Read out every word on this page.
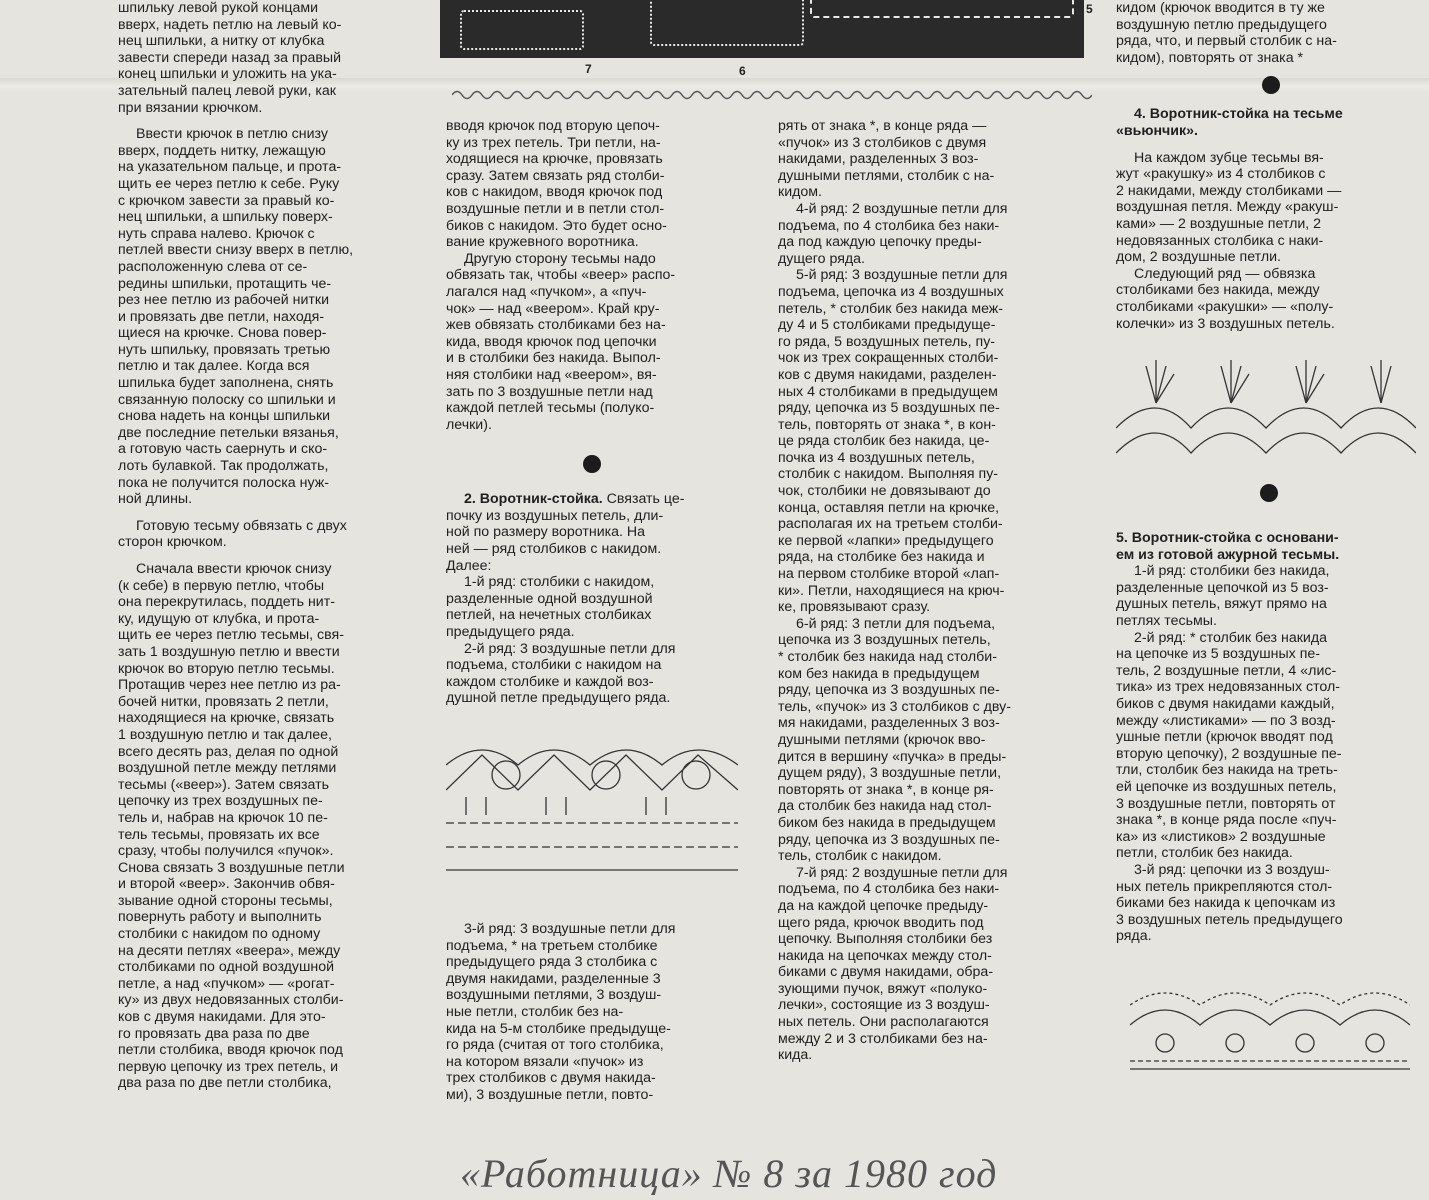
7	6
5

шпильку левой рукой концами
вверх, надеть петлю на левый ко-
нец шпильки, а нитку от клубка
завести спереди назад за правый
конец шпильки и уложить на ука-
зательный палец левой руки, как
при вязании крючком.

Ввести крючок в петлю снизу
вверх, поддеть нитку, лежащую
на указательном пальце, и протa-
щить ее через петлю к себе. Руку
с крючком завести за правый ко-
нец шпильки, а шпильку поверх-
нуть справа налево. Крючок с
петлей ввести снизу вверх в петлю,
расположенную слева от се-
редины шпильки, протащить че-
рез нее петлю из рабочей нитки
и провязать две петли, находя-
щиеся на крючке. Снова повер-
нуть шпильку, провязать третью
петлю и так далее. Когда вся
шпилька будет заполнена, снять
связанную полоску со шпильки и
снова надеть на концы шпильки
две последние петельки вязанья,
а готовую часть сaернуть и ско-
лоть булавкой. Так продолжать,
пока не получится полоска нуж-
ной длины.

Готовую тесьму обвязать с двух
сторон крючком.

Сначала ввести крючок снизу
(к себе) в первую петлю, чтобы
она перекрутилась, поддеть нит-
ку, идущую от клубка, и протa-
щить ее через петлю тесьмы, свя-
зать 1 воздушную петлю и ввести
крючок во вторую петлю тесьмы.
Протащив через нее петлю из ра-
бочей нитки, провязать 2 петли,
находящиеся на крючке, связать
1 воздушную петлю и так далее,
всего десять раз, делая по одной
воздушной петле между петлями
тесьмы («веер»). Затем связать
цепочку из трех воздушных пе-
тель и, набрав на крючок 10 пе-
тель тесьмы, провязать их все
сразу, чтобы получился «пучок».
Снова связать 3 воздушные петли
и второй «веер». Закончив обвя-
зывание одной стороны тесьмы,
повернуть работу и выполнить
столбики с накидом по одному
на десяти петлях «веера», между
столбиками по одной воздушной
петле, а над «пучком» — «рогат-
ку» из двух недовязанных столби-
ков с двумя накидами. Для это-
го провязать два раза по две
петли столбика, вводя крючок под
первую цепочку из трех петель, и
два раза по две петли столбика,

вводя крючок под вторую цепоч-
ку из трех петель. Три петли, на-
ходящиеся на крючке, провязать
сразу. Затем связать ряд столби-
ков с накидом, вводя крючок под
воздушные петли и в петли стол-
биков с накидом. Это будет осно-
вание кружевного воротника.

Другую сторону тесьмы надо
обвязать так, чтобы «веер» распо-
лагался над «пучком», а «пуч-
чок» — над «веером». Край кру-
жев обвязать столбиками без на-
кида, вводя крючок под цепочки
и в столбики без накида. Выпол-
няя столбики над «веером», вя-
зать по 3 воздушные петли над
каждой петлей тесьмы (полуко-
лечки).

2. Воротник-стойка. Связать це-
почку из воздушных петель, дли-
ной по размеру воротника. На
ней — ряд столбиков с накидом.
Далее:

1-й ряд: столбики с накидом,
разделенные одной воздушной
петлей, на нечетных столбиках
предыдущего ряда.

2-й ряд: 3 воздушные петли для
подъема, столбики с накидом на
каждом столбике и каждой воз-
душной петле предыдущего ряда.

3-й ряд: 3 воздушные петли для
подъема, * на третьем столбике
предыдущего ряда 3 столбика с
двумя накидами, разделенные 3
воздушными петлями, 3 воздуш-
ные петли, столбик без на-
кида на 5-м столбике предыдуще-
го ряда (считая от того столбика,
на котором вязали «пучок» из
трех столбиков с двумя накида-
ми), 3 воздушные петли, повто-

рять от знака *, в конце ряда —
«пучок» из 3 столбиков с двумя
накидами, разделенных 3 воз-
душными петлями, столбик с на-
кидом.

4-й ряд: 2 воздушные петли для
подъема, по 4 столбика без наки-
да под каждую цепочку преды-
дущего ряда.

5-й ряд: 3 воздушные петли для
подъема, цепочка из 4 воздушных
петель, * столбик без накида меж-
ду 4 и 5 столбиками предыдуще-
го ряда, 5 воздушных петель, пу-
чок из трех сокращенных столби-
ков с двумя накидами, разделен-
ных 4 столбиками в предыдущем
ряду, цепочка из 5 воздушных пе-
тель, повторять от знака *, в кон-
це ряда столбик без накида, це-
почка из 4 воздушных петель,
столбик с накидом. Выполняя пу-
чок, столбики не довязывают до
конца, оставляя петли на крючке,
располагая их на третьем столби-
ке первой «лапки» предыдущего
ряда, на столбике без накида и
на первом столбике второй «лап-
ки». Петли, находящиеся на крюч-
ке, провязывают сразу.

6-й ряд: 3 петли для подъема,
цепочка из 3 воздушных петель,
* столбик без накида над столби-
ком без накида в предыдущем
ряду, цепочка из 3 воздушных пе-
тель, «пучок» из 3 столбиков с дву-
мя накидами, разделенных 3 воз-
душными петлями (крючок вво-
дится в вершину «пучка» в преды-
дущем ряду), 3 воздушные петли,
повторять от знака *, в конце ря-
да столбик без накида над стол-
биком без накида в предыдущем
ряду, цепочка из 3 воздушных пе-
тель, столбик с накидом.

7-й ряд: 2 воздушные петли для
подъема, по 4 столбика без наки-
да на каждой цепочке предыду-
щего ряда, крючок вводить под
цепочку. Выполняя столбики без
накида на цепочках между стол-
биками с двумя накидами, обра-
зующими пучок, вяжут «полуко-
лечки», состоящие из 3 воздуш-
ных петель. Они располагаются
между 2 и 3 столбиками без на-
кида.

кидом (крючок вводится в ту же
воздушную петлю предыдущего
ряда, что, и первый столбик с на-
кидом), повторять от знака *

4. Воротник-стойка на тесьме
«вьюнчик».

На каждом зубце тесьмы вя-
жут «ракушку» из 4 столбиков с
2 накидами, между столбиками —
воздушная петля. Между «ракуш-
ками» — 2 воздушные петли, 2
недовязанных столбика с наки-
дом, 2 воздушные петли.

Следующий ряд — обвязка
столбиками без накида, между
столбиками «ракушки» — «полу-
колечки» из 3 воздушных петель.

5. Воротник-стойка с основани-
ем из готовой ажурной тесьмы.

1-й ряд: столбики без накида,
разделенные цепочкой из 5 воз-
душных петель, вяжут прямо на
петлях тесьмы.

2-й ряд: * столбик без накида
на цепочке из 5 воздушных пе-
тель, 2 воздушные петли, 4 «лис-
тика» из трех недовязанных стол-
биков с двумя накидами каждый,
между «листиками» — по 3 возд-
ушные петли (крючок вводят под
вторую цепочку), 2 воздушные пе-
тли, столбик без накида на треть-
ей цепочке из воздушных петель,
3 воздушные петли, повторять от
знака *, в конце ряда после «пуч-
ка» из «листиков» 2 воздушные
петли, столбик без накида.

3-й ряд: цепочки из 3 воздуш-
ных петель прикрепляются стол-
биками без накида к цепочкам из
3 воздушных петель предыдущего
ряда.

«Работница» № 8 за 1980 год
